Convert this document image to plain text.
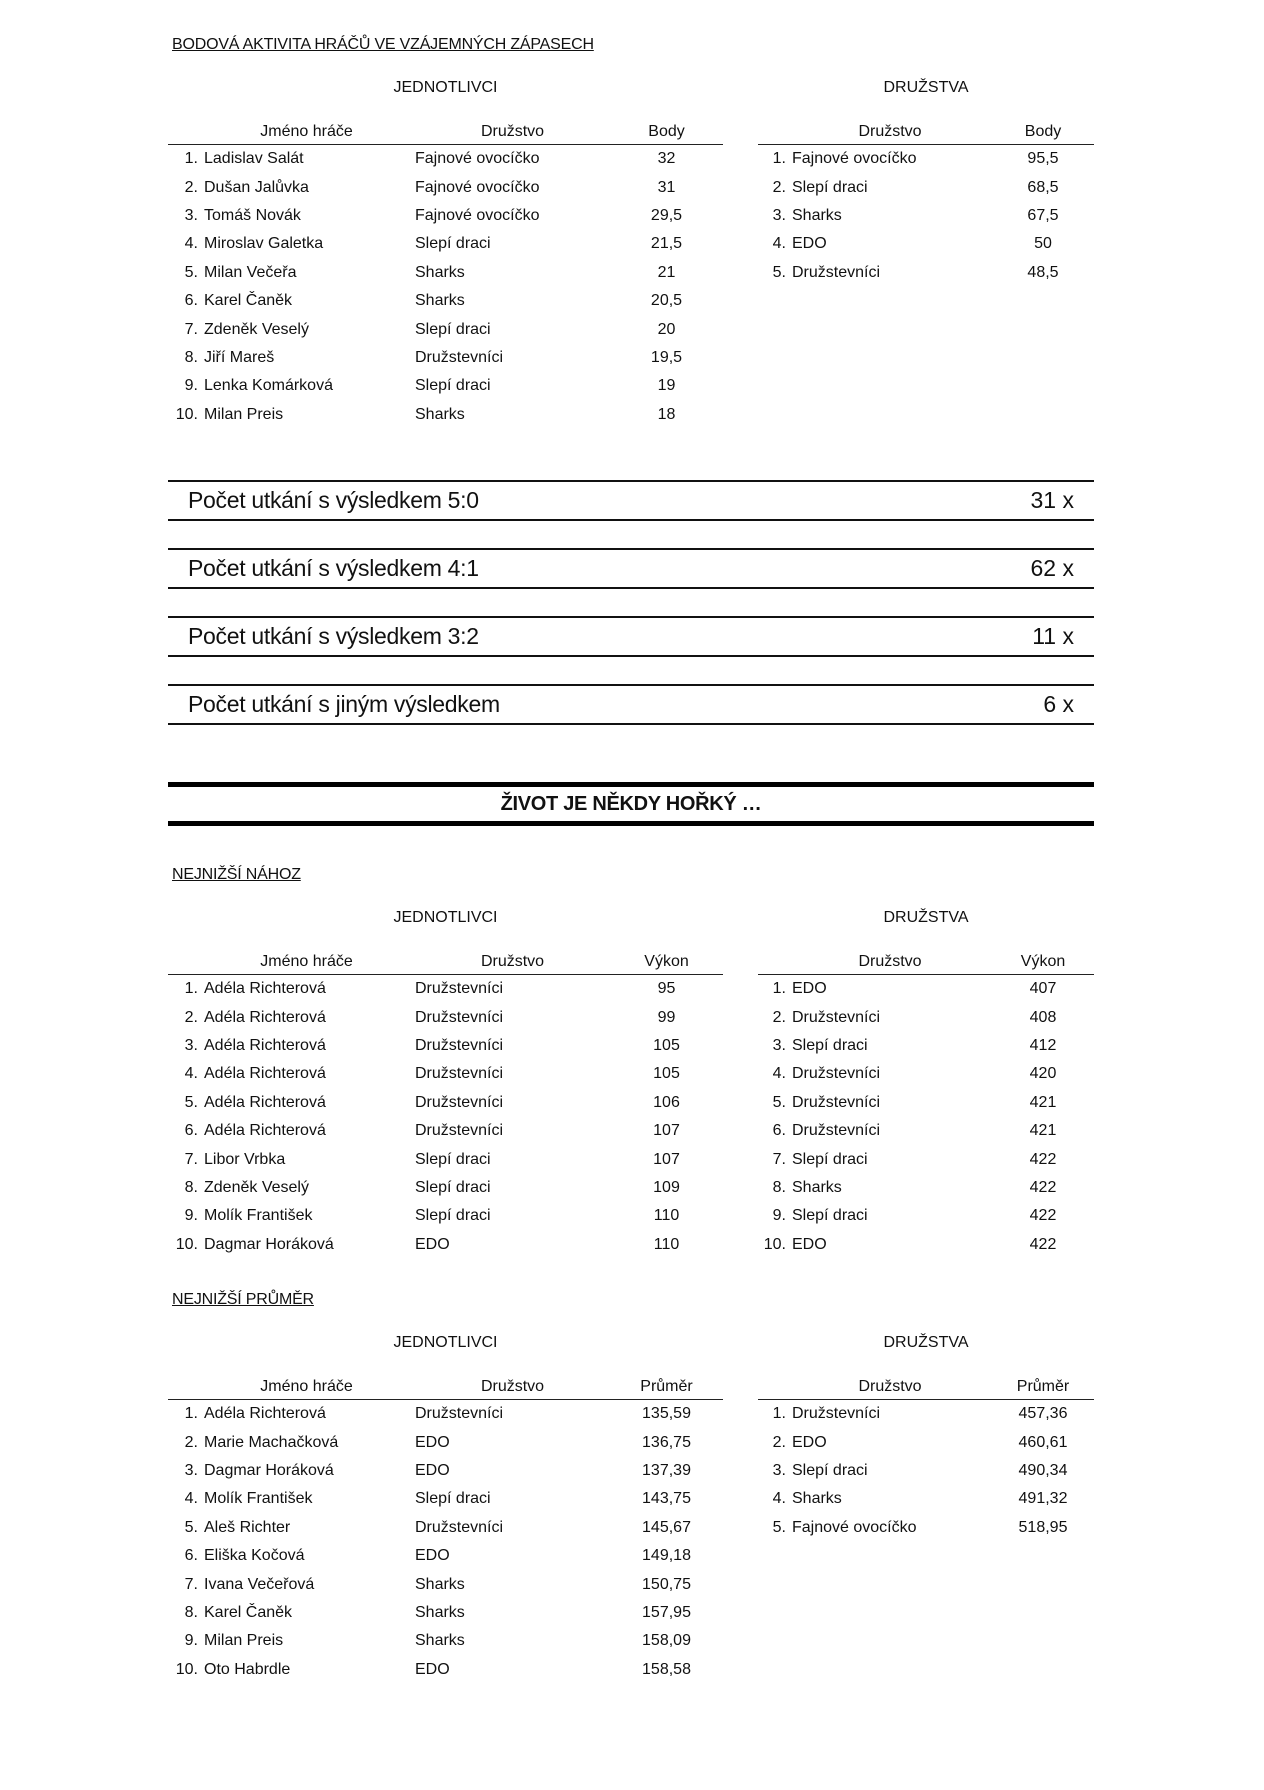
BODOVÁ AKTIVITA HRÁČŮ VE VZÁJEMNÝCH ZÁPASECH
JEDNOTLIVCI	DRUŽSTVA
Jméno hráče		Družstvo	Body
1.	Ladislav Salát	Fajnové ovocíčko	32
2.	Dušan Jalůvka	Fajnové ovocíčko	31
3.	Tomáš Novák	Fajnové ovocíčko	29,5
4.	Miroslav Galetka	Slepí draci	21,5
5.	Milan Večeřa	Sharks	21
6.	Karel Čaněk	Sharks	20,5
7.	Zdeněk Veselý	Slepí draci	20
8.	Jiří Mareš	Družstevníci	19,5
9.	Lenka Komárková	Slepí draci	19
10.	Milan Preis	Sharks	18
Družstvo		Body
1.	Fajnové ovocíčko	95,5
2.	Slepí draci	68,5
3.	Sharks	67,5
4.	EDO	50
5.	Družstevníci	48,5
Počet utkání s výsledkem 5:0	31 x
Počet utkání s výsledkem 4:1	62 x
Počet utkání s výsledkem 3:2	11 x
Počet utkání s jiným výsledkem	6 x
ŽIVOT JE NĚKDY HOŘKÝ …
NEJNIŽŠÍ NÁHOZ
JEDNOTLIVCI	DRUŽSTVA
Jméno hráče		Družstvo	Výkon
1.	Adéla Richterová	Družstevníci	95
2.	Adéla Richterová	Družstevníci	99
3.	Adéla Richterová	Družstevníci	105
4.	Adéla Richterová	Družstevníci	105
5.	Adéla Richterová	Družstevníci	106
6.	Adéla Richterová	Družstevníci	107
7.	Libor Vrbka	Slepí draci	107
8.	Zdeněk Veselý	Slepí draci	109
9.	Molík František	Slepí draci	110
10.	Dagmar Horáková	EDO	110
Družstvo		Výkon
1.	EDO	407
2.	Družstevníci	408
3.	Slepí draci	412
4.	Družstevníci	420
5.	Družstevníci	421
6.	Družstevníci	421
7.	Slepí draci	422
8.	Sharks	422
9.	Slepí draci	422
10.	EDO	422
NEJNIŽŠÍ PRŮMĚR
JEDNOTLIVCI	DRUŽSTVA
Jméno hráče		Družstvo	Průměr
1.	Adéla Richterová	Družstevníci	135,59
2.	Marie Machačková	EDO	136,75
3.	Dagmar Horáková	EDO	137,39
4.	Molík František	Slepí draci	143,75
5.	Aleš Richter	Družstevníci	145,67
6.	Eliška Kočová	EDO	149,18
7.	Ivana Večeřová	Sharks	150,75
8.	Karel Čaněk	Sharks	157,95
9.	Milan Preis	Sharks	158,09
10.	Oto Habrdle	EDO	158,58
Družstvo		Průměr
1.	Družstevníci	457,36
2.	EDO	460,61
3.	Slepí draci	490,34
4.	Sharks	491,32
5.	Fajnové ovocíčko	518,95
